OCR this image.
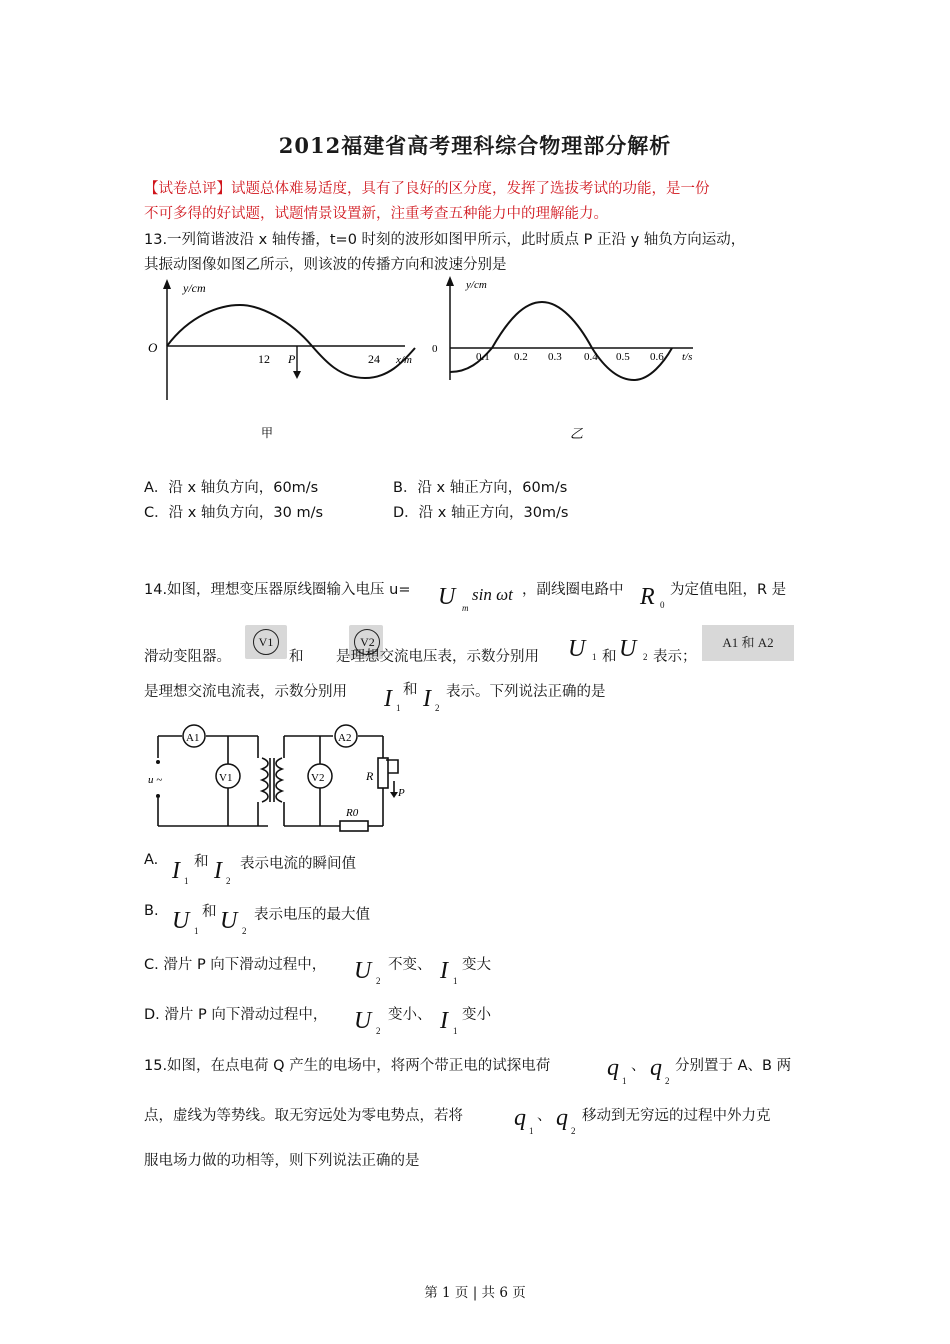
2012福建省高考理科综合物理部分解析
【试卷总评】试题总体难易适度，具有了良好的区分度，发挥了选拔考试的功能，是一份
不可多得的好试题，试题情景设置新，注重考查五种能力中的理解能力。
13.一列简谐波沿 x 轴传播，t=0 时刻的波形如图甲所示，此时质点 P 正沿 y 轴负方向运动，
其振动图像如图乙所示，则该波的传播方向和波速分别是
y/cm
O
12 P	24 x/m
甲
y/cm
0
0.1 0.2 0.3 0.4 0.5 0.6 t/s
乙
A．沿 x 轴负方向，60m/s	B．沿 x 轴正方向，60m/s
C．沿 x 轴负方向，30 m/s	D．沿 x 轴正方向，30m/s
14.如图，理想变压器原线圈输入电压 u= U m
sin ωt ，副线圈电路中 R 0
为定值电阻，R 是
滑动变阻器。
V1

和
V2
是理想交流电压表，示数分别用 U 1 和 U 2 表示；
A1 和 A2
是理想交流电流表，示数分别用 I 1
和 I 2
表示。下列说法正确的是
A1
V1	V2
A2
u ~	R
R0
P
A. I 1
和 I 2
表示电流的瞬间值
B. U 1
和 U 2
表示电压的最大值
C. 滑片 P 向下滑动过程中， U 2
不变、 I 1
变大
D. 滑片 P 向下滑动过程中， U 2
变小、 I 1
变小
15.如图，在点电荷 Q 产生的电场中，将两个带正电的试探电荷 q 1
、 q 2
分别置于 A、B 两
点，虚线为等势线。取无穷远处为零电势点，若将 q 1
、 q 2
移动到无穷远的过程中外力克
服电场力做的功相等，则下列说法正确的是
第 1 页 | 共 6 页
